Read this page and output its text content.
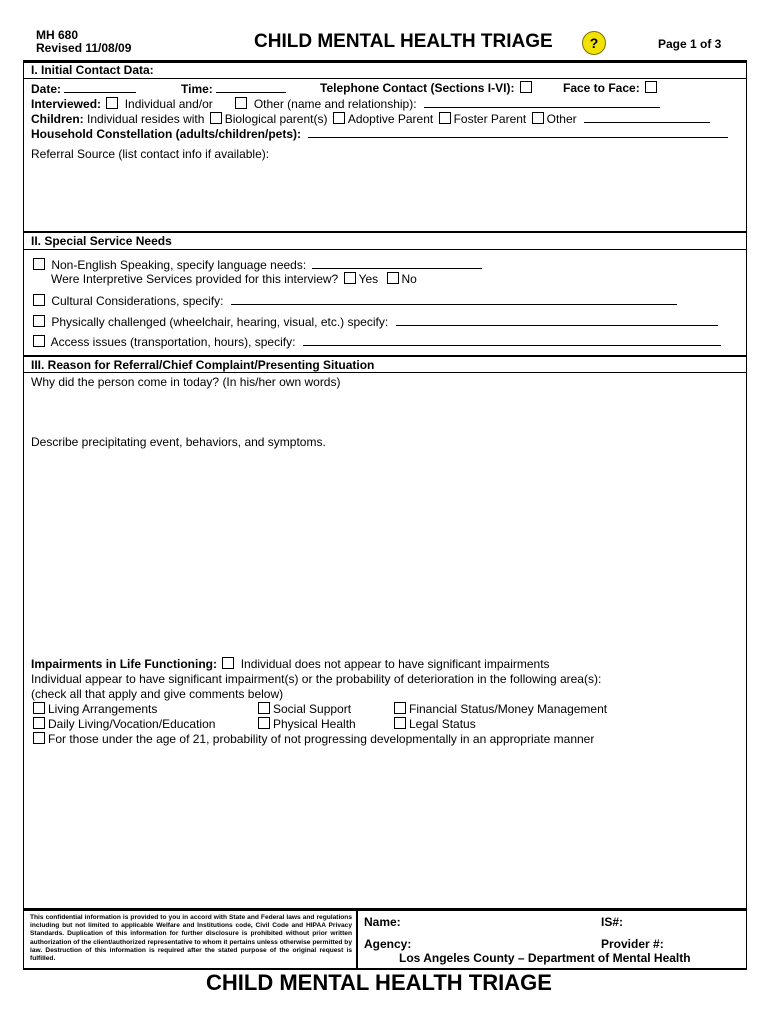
MH 680
Revised 11/08/09	CHILD MENTAL HEALTH TRIAGE	?	Page 1 of 3
I. Initial Contact Data:
Date:	Time:	Telephone Contact (Sections I-VI):	Face to Face:
Interviewed: Individual and/or	Other (name and relationship):
Children: Individual resides with Biological parent(s) Adoptive Parent Foster Parent Other
Household Constellation (adults/children/pets):
Referral Source (list contact info if available):
II. Special Service Needs
Non-English Speaking, specify language needs:
Were Interpretive Services provided for this interview? Yes No
Cultural Considerations, specify:
Physically challenged (wheelchair, hearing, visual, etc.) specify:
Access issues (transportation, hours), specify:
III. Reason for Referral/Chief Complaint/Presenting Situation
Why did the person come in today? (In his/her own words)
Describe precipitating event, behaviors, and symptoms.
Impairments in Life Functioning: Individual does not appear to have significant impairments
Individual appear to have significant impairment(s) or the probability of deterioration in the following area(s):
(check all that apply and give comments below)
Living Arrangements	Social Support	Financial Status/Money Management
Daily Living/Vocation/Education	Physical Health	Legal Status
For those under the age of 21, probability of not progressing developmentally in an appropriate manner
This confidential information is provided to you in accord with State and Federal laws and regulations including but not limited to applicable Welfare and Institutions code, Civil Code and HIPAA Privacy Standards. Duplication of this information for further disclosure is prohibited without prior written authorization of the client/authorized representative to whom it pertains unless otherwise permitted by law. Destruction of this information is required after the stated purpose of the original request is fulfilled.
Name:	IS#:
Agency:	Provider #:
Los Angeles County – Department of Mental Health
CHILD MENTAL HEALTH TRIAGE
